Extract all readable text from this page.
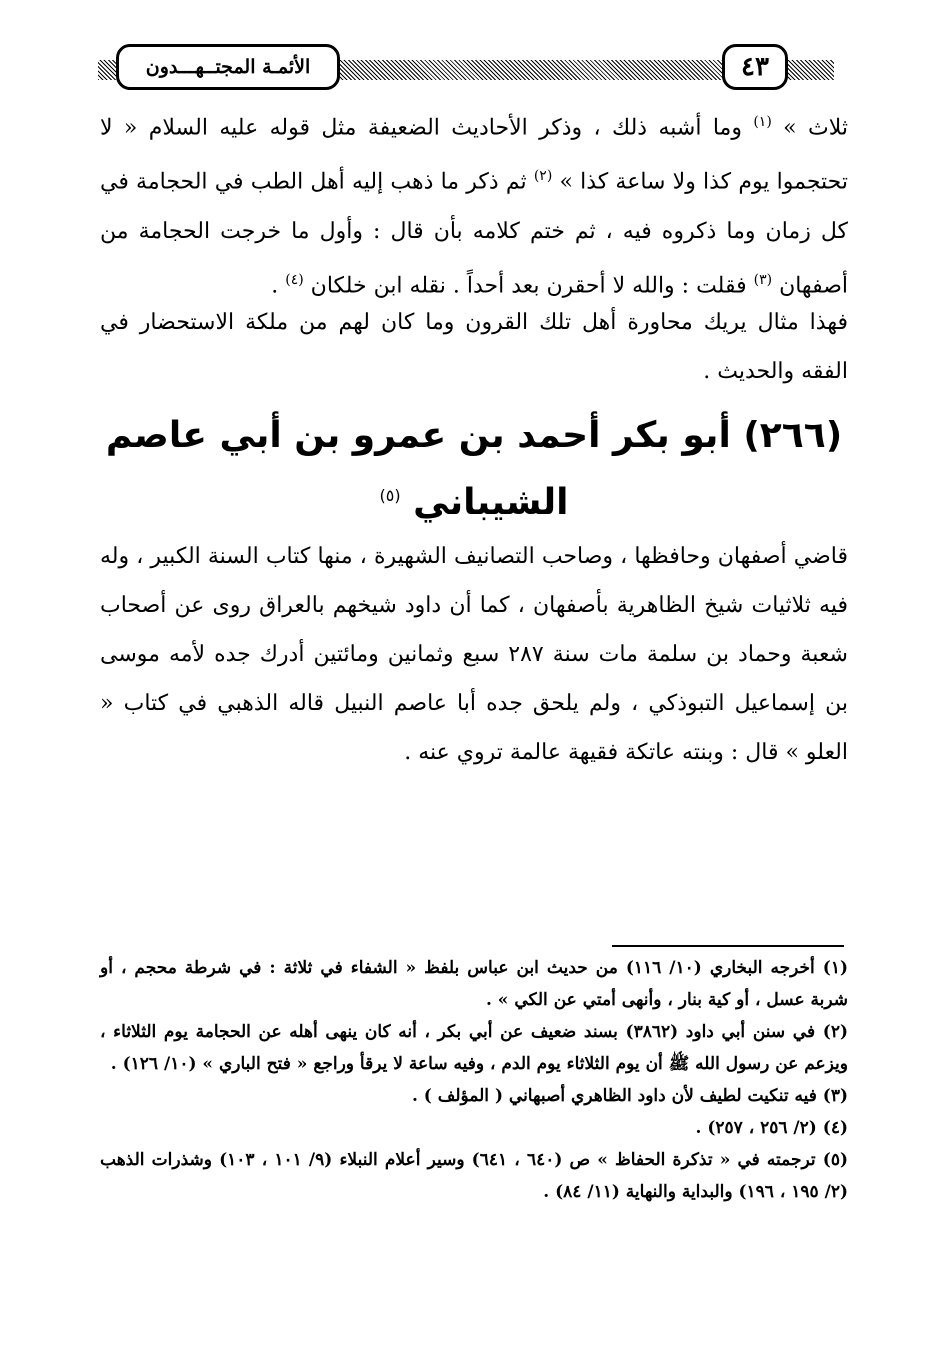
٤٣
الأئمـة المجتــهـــدون

ثلاث » $^{(١)}$ وما أشبه ذلك ، وذكر الأحاديث الضعيفة مثل قوله عليه السلام « لا تحتجموا يوم كذا ولا ساعة كذا » $^{(٢)}$ ثم ذكر ما ذهب إليه أهل الطب في الحجامة في كل زمان وما ذكروه فيه ، ثم ختم كلامه بأن قال : وأول ما خرجت الحجامة من أصفهان $^{(٣)}$ فقلت : والله لا أحقرن بعد أحداً . نقله ابن خلكان $^{(٤)}$ .

فهذا مثال يريك محاورة أهل تلك القرون وما كان لهم من ملكة الاستحضار في الفقه والحديث .

(٢٦٦) أبو بكر أحمد بن عمرو بن أبي عاصم
الشيباني $^{(٥)}$

قاضي أصفهان وحافظها ، وصاحب التصانيف الشهيرة ، منها كتاب السنة الكبير ، وله فيه ثلاثيات شيخ الظاهرية بأصفهان ، كما أن داود شيخهم بالعراق روى عن أصحاب شعبة وحماد بن سلمة مات سنة ٢٨٧ سبع وثمانين ومائتين أدرك جده لأمه موسى بن إسماعيل التبوذكي ، ولم يلحق جده أبا عاصم النبيل قاله الذهبي في كتاب « العلو » قال : وبنته عاتكة فقيهة عالمة تروي عنه .

(١) أخرجه البخاري (١٠/ ١١٦) من حديث ابن عباس بلفظ « الشفاء في ثلاثة : في شرطة محجم ، أو شربة عسل ، أو كية بنار ، وأنهى أمتي عن الكي » .
(٢) في سنن أبي داود (٣٨٦٢) بسند ضعيف عن أبي بكر ، أنه كان ينهى أهله عن الحجامة يوم الثلاثاء ، ويزعم عن رسول الله ﷺ أن يوم الثلاثاء يوم الدم ، وفيه ساعة لا يرقأ وراجع « فتح الباري » (١٠/ ١٢٦) .
(٣) فيه تنكيت لطيف لأن داود الظاهري أصبهاني ( المؤلف ) .
(٤) (٢/ ٢٥٦ ، ٢٥٧) .
(٥) ترجمته في « تذكرة الحفاظ » ص (٦٤٠ ، ٦٤١) وسير أعلام النبلاء (٩/ ١٠١ ، ١٠٣) وشذرات الذهب (٢/ ١٩٥ ، ١٩٦) والبداية والنهاية (١١/ ٨٤) .
